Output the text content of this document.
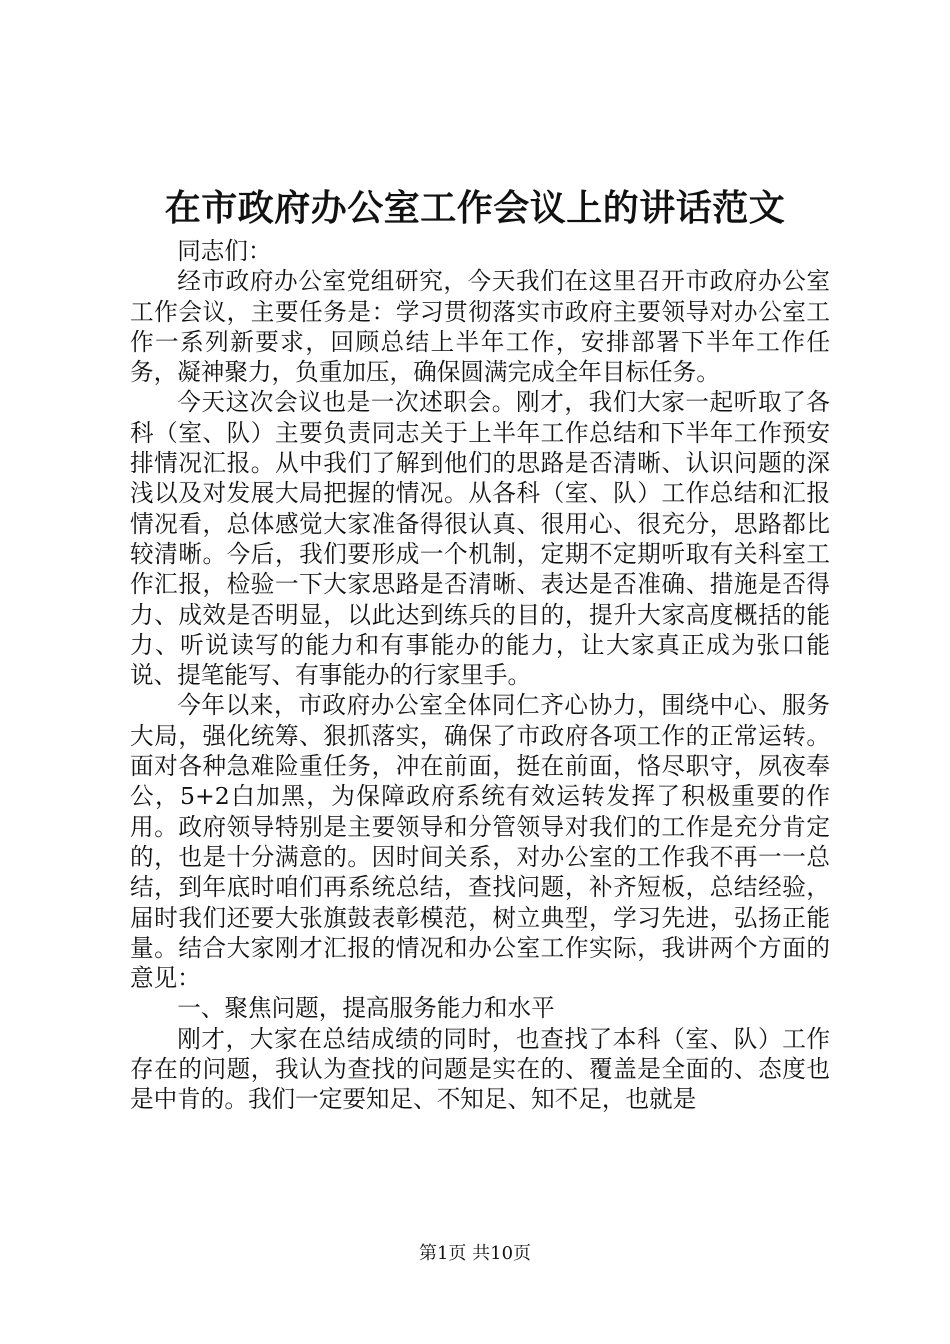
在市政府办公室工作会议上的讲话范文

同志们：

经市政府办公室党组研究，今天我们在这里召开市政府办公室工作会议，主要任务是：学习贯彻落实市政府主要领导对办公室工作一系列新要求，回顾总结上半年工作，安排部署下半年工作任务，凝神聚力，负重加压，确保圆满完成全年目标任务。

今天这次会议也是一次述职会。刚才，我们大家一起听取了各科（室、队）主要负责同志关于上半年工作总结和下半年工作预安排情况汇报。从中我们了解到他们的思路是否清晰、认识问题的深浅以及对发展大局把握的情况。从各科（室、队）工作总结和汇报情况看，总体感觉大家准备得很认真、很用心、很充分，思路都比较清晰。今后，我们要形成一个机制，定期不定期听取有关科室工作汇报，检验一下大家思路是否清晰、表达是否准确、措施是否得力、成效是否明显，以此达到练兵的目的，提升大家高度概括的能力、听说读写的能力和有事能办的能力，让大家真正成为张口能说、提笔能写、有事能办的行家里手。

今年以来，市政府办公室全体同仁齐心协力，围绕中心、服务大局，强化统筹、狠抓落实，确保了市政府各项工作的正常运转。面对各种急难险重任务，冲在前面，挺在前面，恪尽职守，夙夜奉公，5+2白加黑，为保障政府系统有效运转发挥了积极重要的作用。政府领导特别是主要领导和分管领导对我们的工作是充分肯定的，也是十分满意的。因时间关系，对办公室的工作我不再一一总结，到年底时咱们再系统总结，查找问题，补齐短板，总结经验，届时我们还要大张旗鼓表彰模范，树立典型，学习先进，弘扬正能量。结合大家刚才汇报的情况和办公室工作实际，我讲两个方面的意见：

一、聚焦问题，提高服务能力和水平

刚才，大家在总结成绩的同时，也查找了本科（室、队）工作存在的问题，我认为查找的问题是实在的、覆盖是全面的、态度也是中肯的。我们一定要知足、不知足、知不足，也就是

第1页 共10页
